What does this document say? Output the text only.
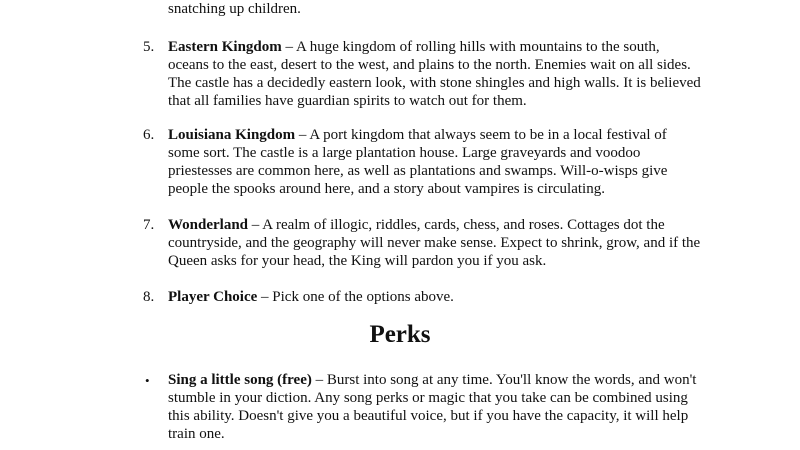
snatching up children.

5. Eastern Kingdom – A huge kingdom of rolling hills with mountains to the south,

oceans to the east, desert to the west, and plains to the north. Enemies wait on all sides.

The castle has a decidedly eastern look, with stone shingles and high walls. It is believed

that all families have guardian spirits to watch out for them.

6. Louisiana Kingdom – A port kingdom that always seem to be in a local festival of

some sort. The castle is a large plantation house. Large graveyards and voodoo

priestesses are common here, as well as plantations and swamps. Will-o-wisps give

people the spooks around here, and a story about vampires is circulating.

7. Wonderland – A realm of illogic, riddles, cards, chess, and roses. Cottages dot the

countryside, and the geography will never make sense. Expect to shrink, grow, and if the

Queen asks for your head, the King will pardon you if you ask.

8. Player Choice – Pick one of the options above.

Perks
• Sing a little song (free) – Burst into song at any time. You'll know the words, and won't

stumble in your diction. Any song perks or magic that you take can be combined using

this ability. Doesn't give you a beautiful voice, but if you have the capacity, it will help

train one.
